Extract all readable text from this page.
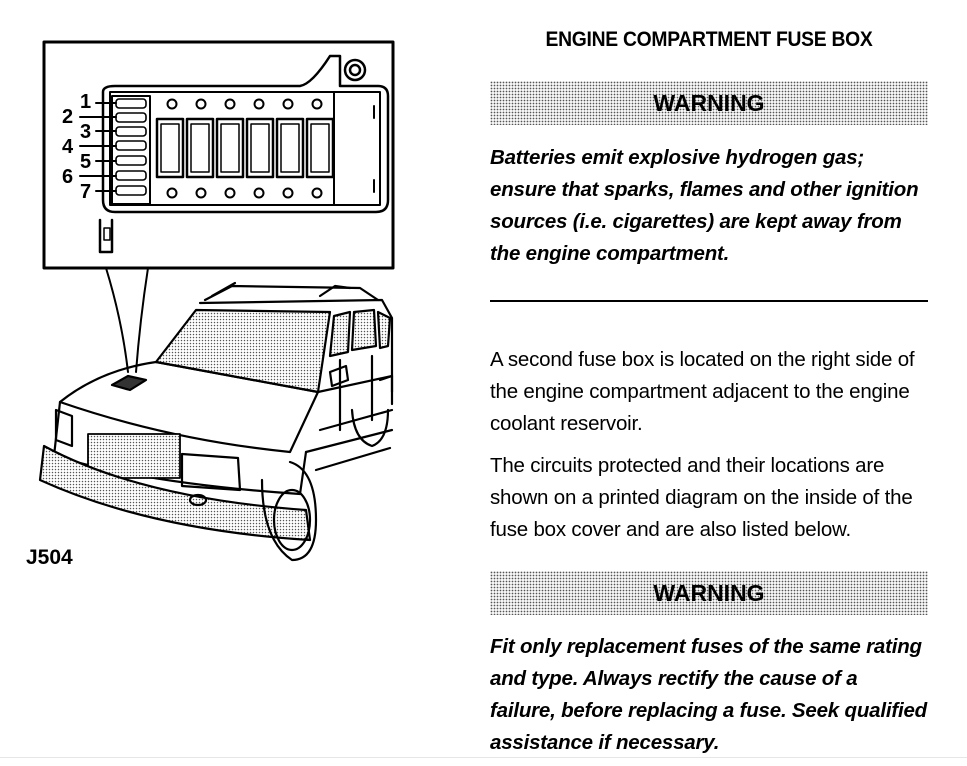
1
2
3
4
5
6
7
J504
ENGINE COMPARTMENT FUSE BOX
WARNING
Batteries emit explosive hydrogen gas; ensure that sparks, flames and other ignition sources (i.e. cigarettes) are kept away from the engine compartment.
A second fuse box is located on the right side of the engine compartment adjacent to the engine coolant reservoir.
The circuits protected and their locations are shown on a printed diagram on the inside of the fuse box cover and are also listed below.
WARNING
Fit only replacement fuses of the same rating and type. Always rectify the cause of a failure, before replacing a fuse. Seek qualified assistance if necessary.
